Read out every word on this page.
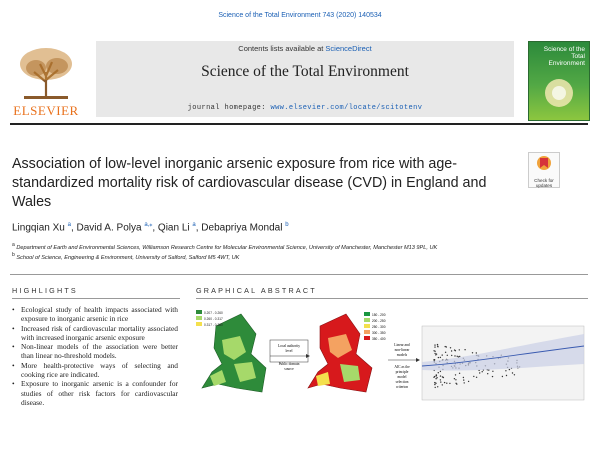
Science of the Total Environment 743 (2020) 140534
ELSEVIER
Contents lists available at ScienceDirect
Science of the Total Environment
journal homepage: www.elsevier.com/locate/scitotenv
Science of the Total Environment
Association of low-level inorganic arsenic exposure from rice with age-standardized mortality risk of cardiovascular disease (CVD) in England and Wales
Check for updates
Lingqian Xu $^a$, David A. Polya $^{a,⁎}$, Qian Li $^a$, Debapriya Mondal $^b$
$^a$ Department of Earth and Environmental Sciences, Williamson Research Centre for Molecular Environmental Science, University of Manchester, Manchester M13 9PL, UK
$^b$ School of Science, Engineering & Environment, University of Salford, Salford M5 4WT, UK
HIGHLIGHTS
• Ecological study of health impacts associated with exposure to inorganic arsenic in rice
• Increased risk of cardiovascular mortality associated with increased inorganic arsenic exposure
• Non-linear models of the association were better than linear no-threshold models.
• More health-protective ways of selecting and cooking rice are indicated.
• Exposure to inorganic arsenic is a confounder for studies of other risk factors for cardiovascular disease.
GRAPHICAL ABSTRACT
0.207 - 0.260
0.260 - 0.317
0.317 - 0.380
Local authority
level
Public domain
source
150 - 200
200 - 250
250 - 300
300 - 350
350 - 400
Linear and
non-linear
models
AIC as the
principle
model
selection
criterion
